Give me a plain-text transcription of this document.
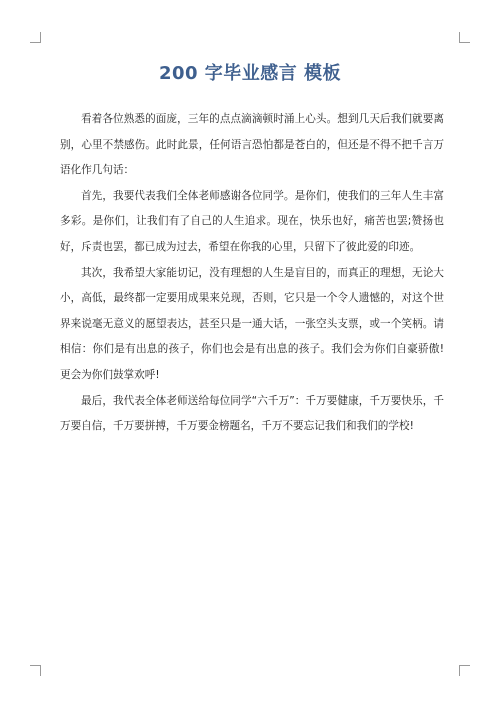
200 字毕业感言 模板

看着各位熟悉的面庞，三年的点点滴滴顿时涌上心头。想到几天后我们就要离别，心里不禁感伤。此时此景，任何语言恐怕都是苍白的，但还是不得不把千言万语化作几句话：

首先，我要代表我们全体老师感谢各位同学。是你们，使我们的三年人生丰富多彩。是你们，让我们有了自己的人生追求。现在，快乐也好，痛苦也罢;赞扬也好，斥责也罢，都已成为过去，希望在你我的心里，只留下了彼此爱的印迹。

其次，我希望大家能切记，没有理想的人生是盲目的，而真正的理想，无论大小，高低，最终都一定要用成果来兑现，否则，它只是一个令人遗憾的，对这个世界来说毫无意义的愿望表达，甚至只是一通大话，一张空头支票，或一个笑柄。请相信：你们是有出息的孩子，你们也会是有出息的孩子。我们会为你们自豪骄傲!更会为你们鼓掌欢呼!

最后，我代表全体老师送给每位同学“六千万”：千万要健康，千万要快乐，千万要自信，千万要拼搏，千万要金榜题名，千万不要忘记我们和我们的学校!
